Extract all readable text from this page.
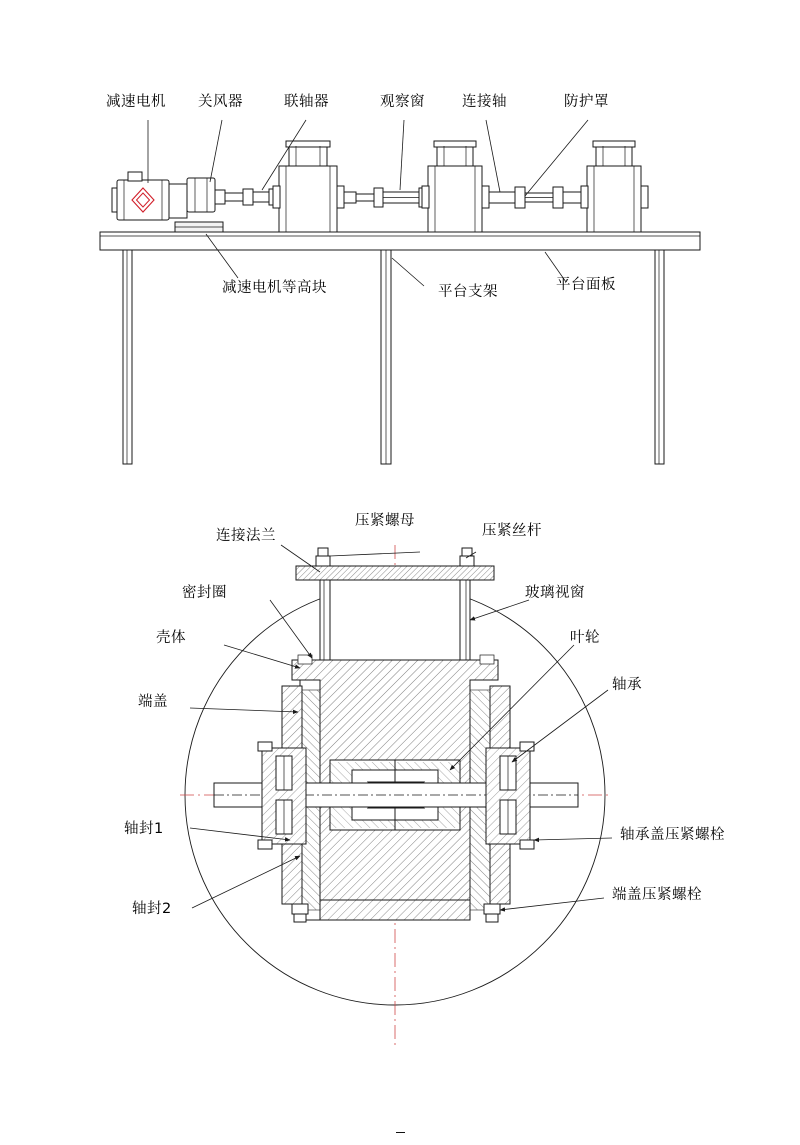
减速电机 关风器	联轴器	观察窗	连接轴	防护罩
减速电机等高块	平台支架	平台面板
连接法兰
压紧螺母
压紧丝杆
密封圈	玻璃视窗
壳体	叶轮
端盖
轴承
轴封1	轴承盖压紧螺栓
轴封2
端盖压紧螺栓
